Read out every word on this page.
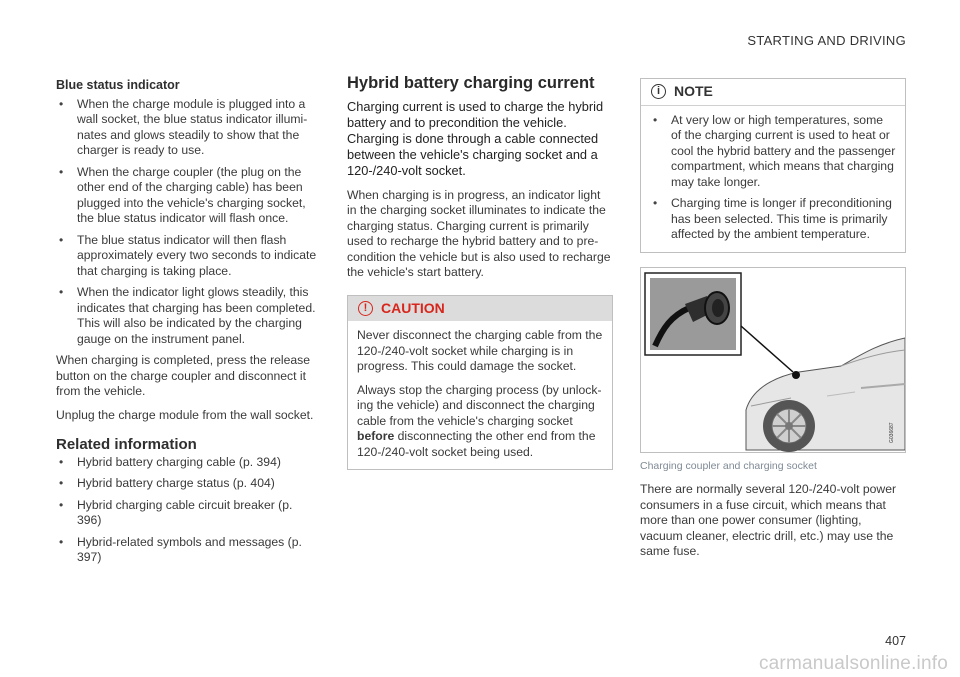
STARTING AND DRIVING
Blue status indicator
• When the charge module is plugged into a wall socket, the blue status indicator illumi-nates and glows steadily to show that the charger is ready to use.
• When the charge coupler (the plug on the other end of the charging cable) has been plugged into the vehicle's charging socket, the blue status indicator will flash once.
• The blue status indicator will then flash approximately every two seconds to indicate that charging is taking place.
• When the indicator light glows steadily, this indicates that charging has been completed. This will also be indicated by the charging gauge on the instrument panel.

When charging is completed, press the release button on the charge coupler and disconnect it from the vehicle.

Unplug the charge module from the wall socket.

Related information
• Hybrid battery charging cable (p. 394)
• Hybrid battery charge status (p. 404)
• Hybrid charging cable circuit breaker (p. 396)
• Hybrid-related symbols and messages (p. 397)
Hybrid battery charging current

Charging current is used to charge the hybrid battery and to precondition the vehicle. Charging is done through a cable connected between the vehicle's charging socket and a 120-/240-volt socket.

When charging is in progress, an indicator light in the charging socket illuminates to indicate the charging status. Charging current is primarily used to recharge the hybrid battery and to pre-condition the vehicle but is also used to recharge the vehicle's start battery.

! CAUTION

Never disconnect the charging cable from the 120-/240-volt socket while charging is in progress. This could damage the socket.

Always stop the charging process (by unlock-ing the vehicle) and disconnect the charging cable from the vehicle's charging socket before disconnecting the other end from the 120-/240-volt socket being used.

i NOTE
• At very low or high temperatures, some of the charging current is used to heat or cool the hybrid battery and the passenger compartment, which means that charging may take longer.
• Charging time is longer if preconditioning has been selected. This time is primarily affected by the ambient temperature.
G036687
Charging coupler and charging socket

There are normally several 120-/240-volt power consumers in a fuse circuit, which means that more than one power consumer (lighting, vacuum cleaner, electric drill, etc.) may use the same fuse.

407
carmanualsonline.info
